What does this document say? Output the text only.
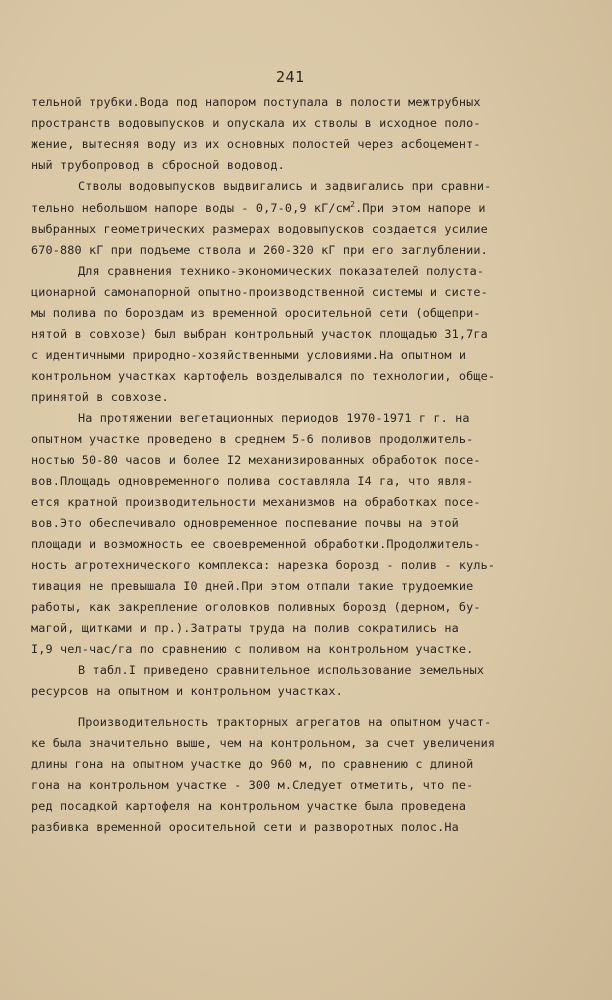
241
тельной трубки.Вода под напором поступала в полости межтрубных
пространств водовыпусков и опускала их стволы в исходное поло-
жение, вытесняя воду из их основных полостей через асбоцемент-
ный трубопровод в сбросной водовод.
Стволы водовыпусков выдвигались и задвигались при сравни-
тельно небольшом напоре воды - 0,7-0,9 $кГ/см^2.При$ этом напоре и
выбранных геометрических размерах водовыпусков создается усилие
670-880 кГ при подъеме ствола и 260-320 кГ при его заглублении.
Для сравнения технико-экономических показателей полуста-
ционарной самонапорной опытно-производственной системы и систе-
мы полива по бороздам из временной оросительной сети (общепри-
нятой в совхозе) был выбран контрольный участок площадью 31,7га
с идентичными природно-хозяйственными условиями.На опытном и
контрольном участках картофель возделывался по технологии, обще-
принятой в совхозе.
На протяжении вегетационных периодов 1970-1971 г г. на
опытном участке проведено в среднем 5-6 поливов продолжитель-
ностью 50-80 часов и более I2 механизированных обработок посе-
вов.Площадь одновременного полива составляла I4 га, что явля-
ется кратной производительности механизмов на обработках посе-
вов.Это обеспечивало одновременное поспевание почвы на этой
площади и возможность ее своевременной обработки.Продолжитель-
ность агротехнического комплекса: нарезка борозд - полив - куль-
тивация не превышала I0 дней.При этом отпали такие трудоемкие
работы, как закрепление оголовков поливных борозд (дерном, бу-
магой, щитками и пр.).Затраты труда на полив сократились на
I,9 чел-час/га по сравнению с поливом на контрольном участке.
В табл.I приведено сравнительное использование земельных
ресурсов на опытном и контрольном участках.
Производительность тракторных агрегатов на опытном участ-
ке была значительно выше, чем на контрольном, за счет увеличения
длины гона на опытном участке до 960 м, по сравнению с длиной
гона на контрольном участке - 300 м.Следует отметить, что пе-
ред посадкой картофеля на контрольном участке была проведена
разбивка временной оросительной сети и разворотных полос.На
